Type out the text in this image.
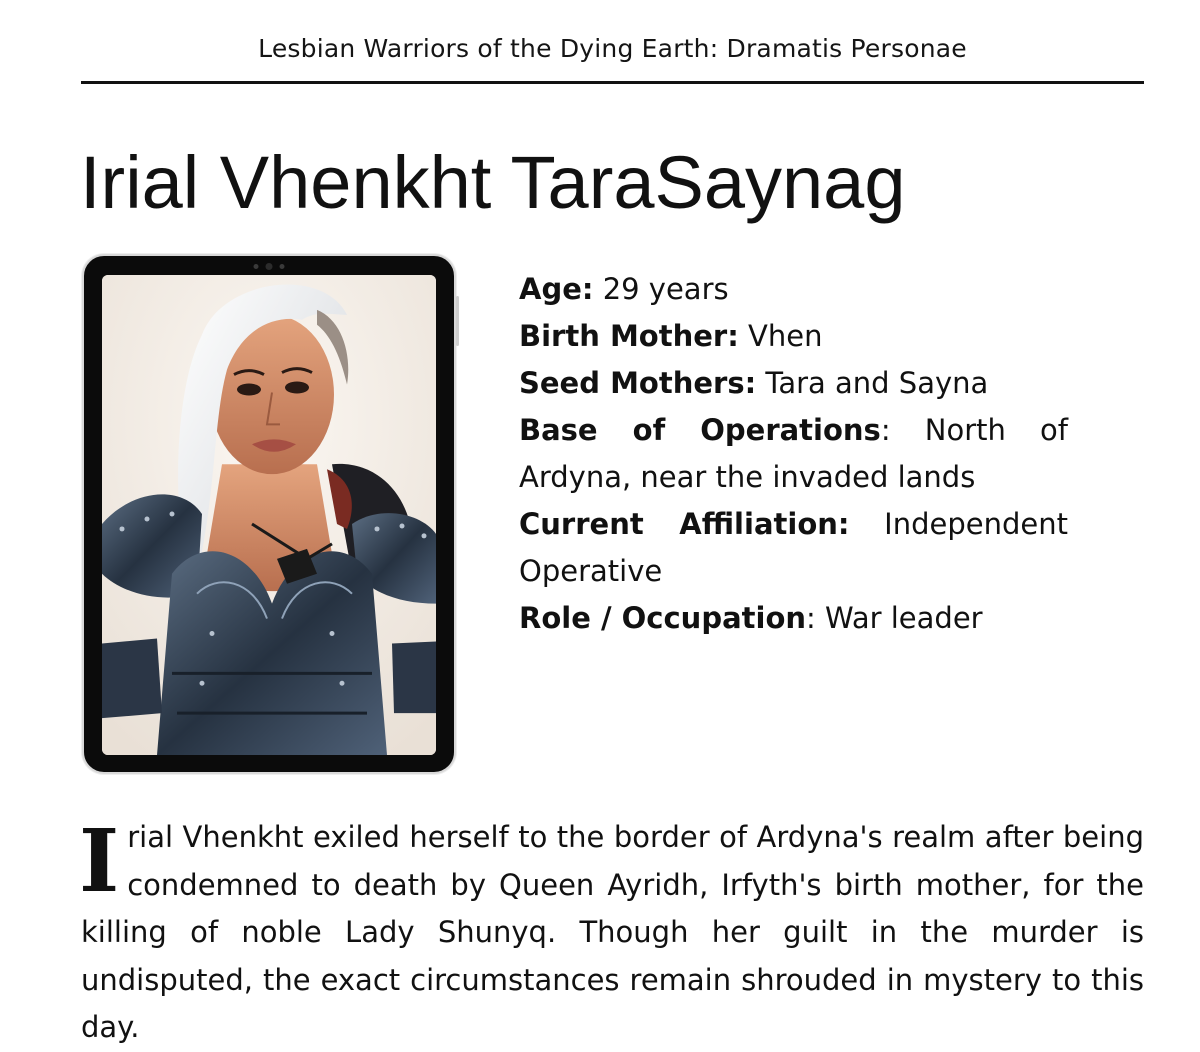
Lesbian Warriors of the Dying Earth: Dramatis Personae
Irial Vhenkht TaraSaynag
Age: 29 years
Birth Mother: Vhen
Seed Mothers: Tara and Sayna
Base of Operations: North of Ardyna, near the invaded lands
Current Affiliation: Independent Operative
Role / Occupation: War leader
Irial Vhenkht exiled herself to the border of Ardyna's realm after being condemned to death by Queen Ayridh, Irfyth's birth mother, for the killing of noble Lady Shunyq. Though her guilt in the murder is undisputed, the exact circumstances remain shrouded in mystery to this day.
